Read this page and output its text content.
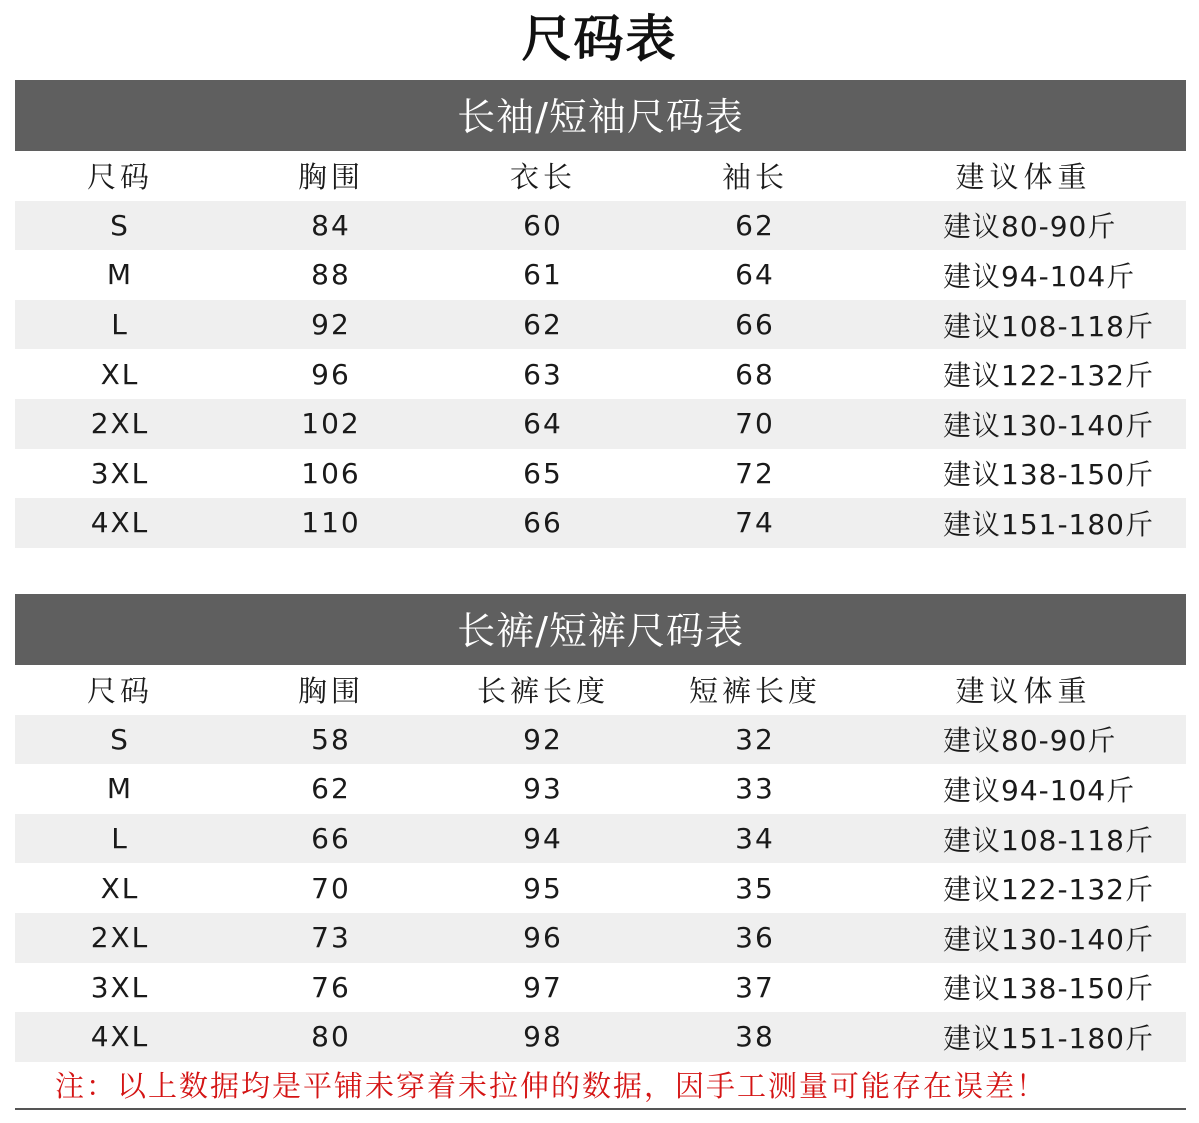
尺码表
长袖/短袖尺码表
尺码	胸围	衣长	袖长	建议体重
S	84	60	62	建议80-90斤
M	88	61	64	建议94-104斤
L	92	62	66	建议108-118斤
XL	96	63	68	建议122-132斤
2XL	102	64	70	建议130-140斤
3XL	106	65	72	建议138-150斤
4XL	110	66	74	建议151-180斤
长裤/短裤尺码表
尺码	胸围	长裤长度	短裤长度	建议体重
S	58	92	32	建议80-90斤
M	62	93	33	建议94-104斤
L	66	94	34	建议108-118斤
XL	70	95	35	建议122-132斤
2XL	73	96	36	建议130-140斤
3XL	76	97	37	建议138-150斤
4XL	80	98	38	建议151-180斤
注：以上数据均是平铺未穿着未拉伸的数据，因手工测量可能存在误差！
